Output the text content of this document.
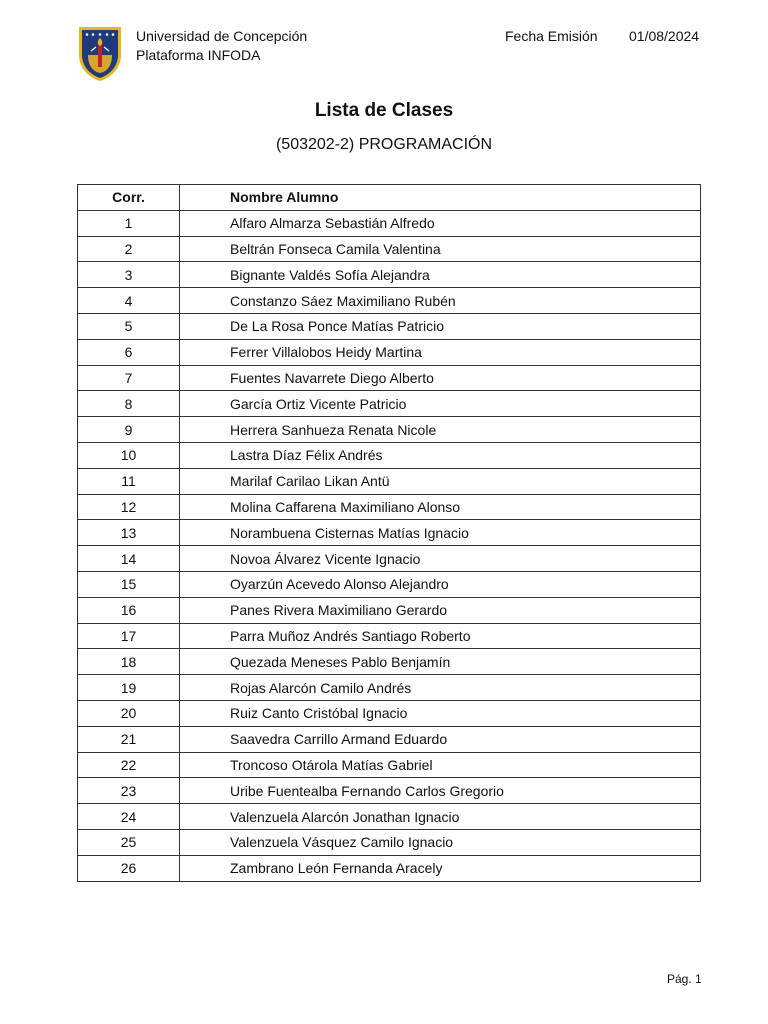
Universidad de Concepción
Plataforma INFODA
Fecha Emisión 01/08/2024
Lista de Clases
(503202-2) PROGRAMACIÓN
Corr.	Nombre Alumno
1	Alfaro Almarza Sebastián Alfredo
2	Beltrán Fonseca Camila Valentina
3	Bignante Valdés Sofía Alejandra
4	Constanzo Sáez Maximiliano Rubén
5	De La Rosa Ponce Matías Patricio
6	Ferrer Villalobos Heidy Martina
7	Fuentes Navarrete Diego Alberto
8	García Ortiz Vicente Patricio
9	Herrera Sanhueza Renata Nicole
10	Lastra Díaz Félix Andrés
11	Marilaf Carilao Likan Antü
12	Molina Caffarena Maximiliano Alonso
13	Norambuena Cisternas Matías Ignacio
14	Novoa Álvarez Vicente Ignacio
15	Oyarzún Acevedo Alonso Alejandro
16	Panes Rivera Maximiliano Gerardo
17	Parra Muñoz Andrés Santiago Roberto
18	Quezada Meneses Pablo Benjamín
19	Rojas Alarcón Camilo Andrés
20	Ruiz Canto Cristóbal Ignacio
21	Saavedra Carrillo Armand Eduardo
22	Troncoso Otárola Matías Gabriel
23	Uribe Fuentealba Fernando Carlos Gregorio
24	Valenzuela Alarcón Jonathan Ignacio
25	Valenzuela Vásquez Camilo Ignacio
26	Zambrano León Fernanda Aracely
Pág. 1
